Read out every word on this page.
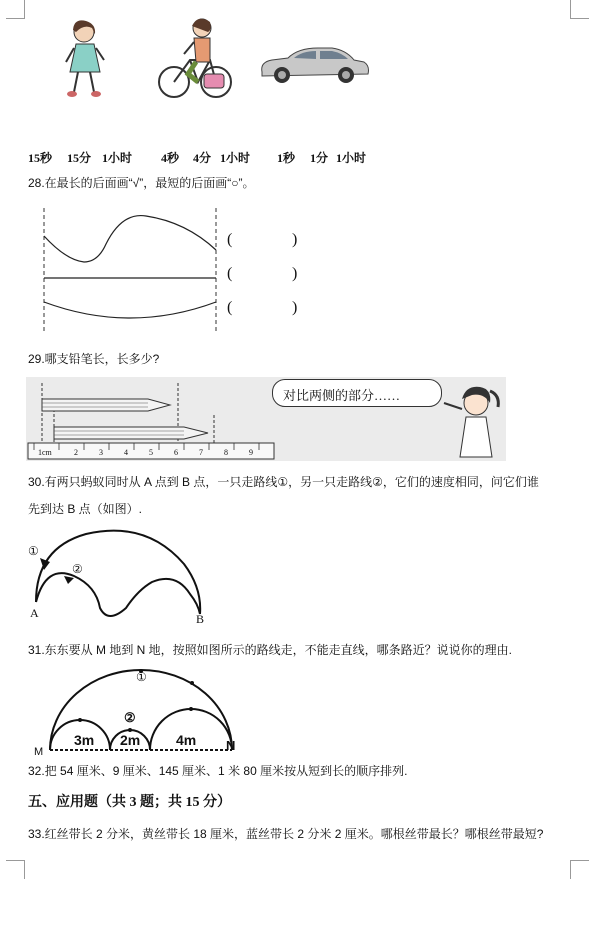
15秒 15分 1小时 4秒 4分 1小时 1秒 1分 1小时
28.在最长的后面画“√”，最短的后面画“○”。
(	)
(	)
(	)
29.哪支铅笔长，长多少?
1cm	2	3	4	5	6	7	8	9
对比两侧的部分……
30.有两只蚂蚁同时从 A 点到 B 点，一只走路线①，另一只走路线②，它们的速度相同，问它们谁
先到达 B 点（如图）.
①
②
A	B
31.东东要从 M 地到 N 地，按照如图所示的路线走，不能走直线，哪条路近？说说你的理由.
①
②
3m 2m	4m
M	N
32.把 54 厘米、9 厘米、145 厘米、1 米 80 厘米按从短到长的顺序排列.
五、应用题（共 3 题；共 15 分）
33.红丝带长 2 分米，黄丝带长 18 厘米，蓝丝带长 2 分米 2 厘米。哪根丝带最长？哪根丝带最短?
